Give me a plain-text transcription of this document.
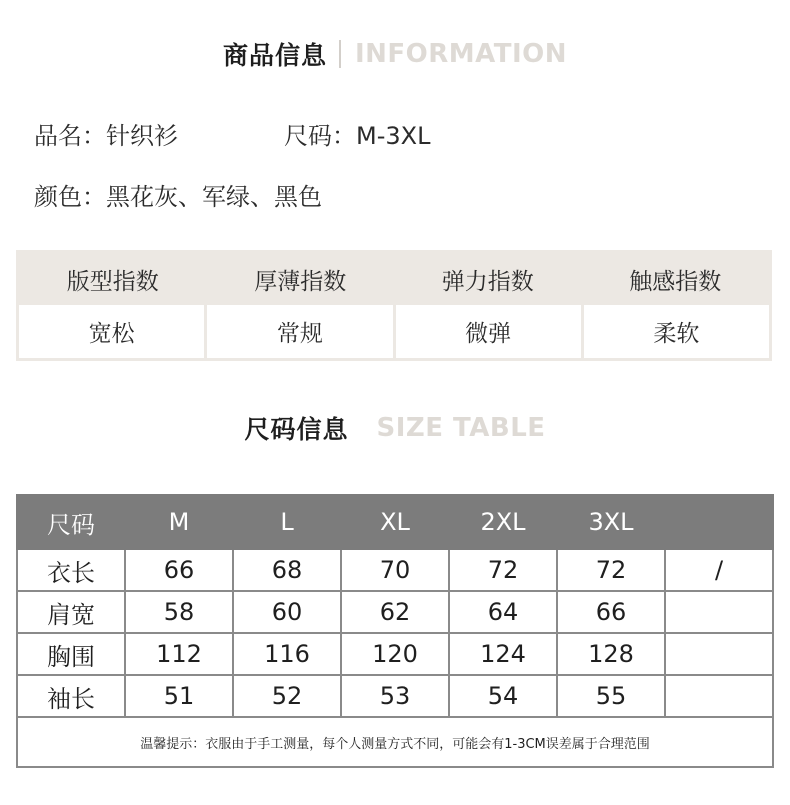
商品信息 INFORMATION
品名：针织衫	尺码：M-3XL
颜色：黑花灰、军绿、黑色
版型指数	厚薄指数	弹力指数	触感指数
宽松	常规	微弹	柔软
尺码信息 SIZE TABLE
尺码	M	L	XL	2XL	3XL	
衣长	66	68	70	72	72	/
肩宽	58	60	62	64	66	
胸围	112	116	120	124	128	
袖长	51	52	53	54	55	
温馨提示：衣服由于手工测量，每个人测量方式不同，可能会有1-3CM误差属于合理范围						
